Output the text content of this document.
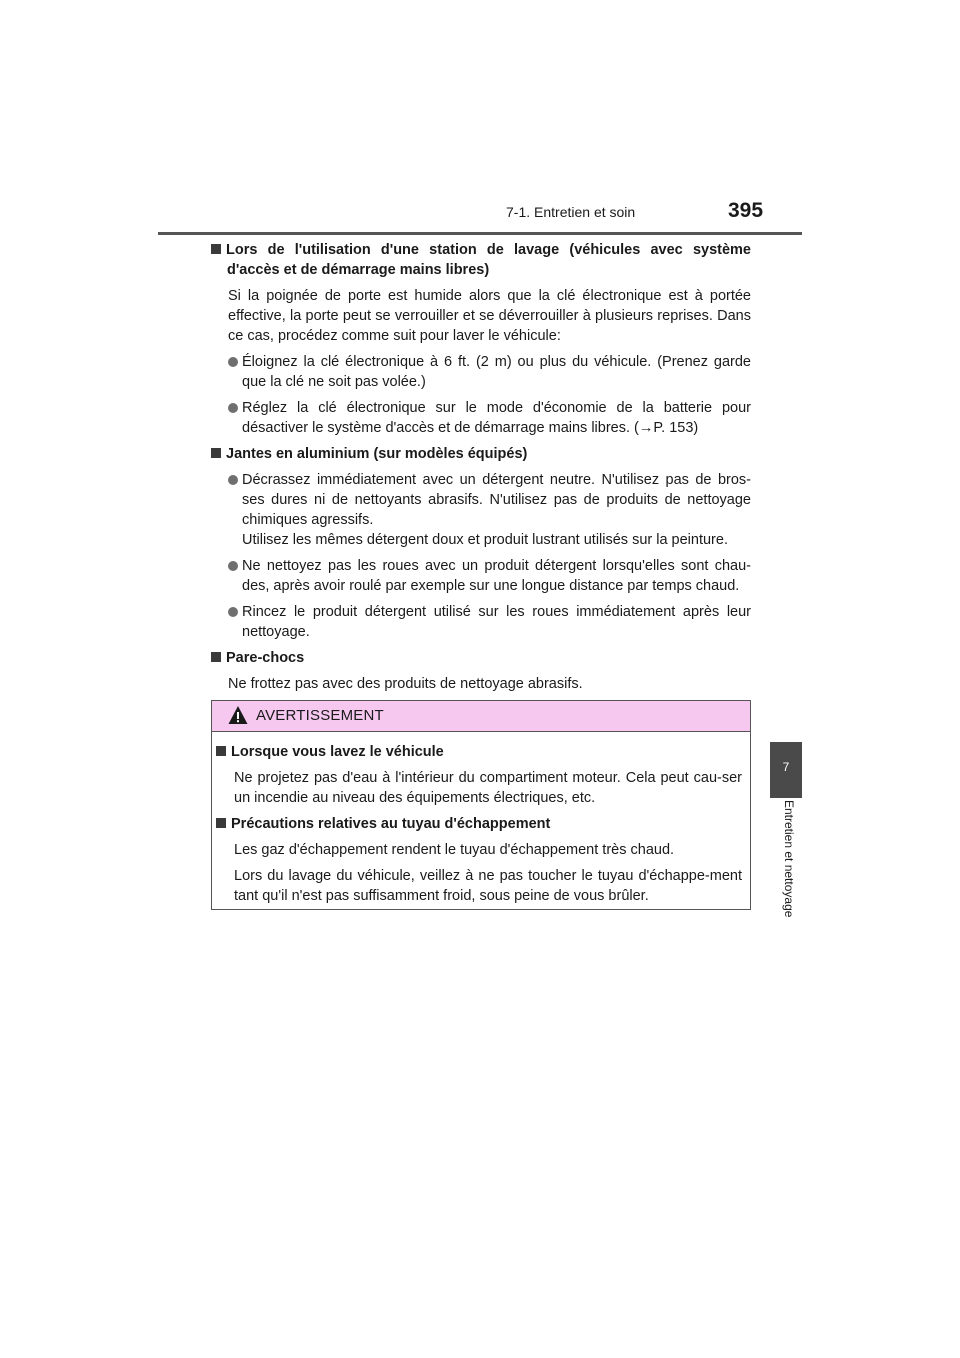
7-1. Entretien et soin	395
7
Entretien et nettoyage
Lors de l'utilisation d'une station de lavage (véhicules avec système d'accès et de démarrage mains libres)
Si la poignée de porte est humide alors que la clé électronique est à portée effective, la porte peut se verrouiller et se déverrouiller à plusieurs reprises. Dans ce cas, procédez comme suit pour laver le véhicule:
Éloignez la clé électronique à 6 ft. (2 m) ou plus du véhicule. (Prenez garde que la clé ne soit pas volée.)
Réglez la clé électronique sur le mode d'économie de la batterie pour désactiver le système d'accès et de démarrage mains libres. (→P. 153)
Jantes en aluminium (sur modèles équipés)
Décrassez immédiatement avec un détergent neutre. N'utilisez pas de bros-ses dures ni de nettoyants abrasifs. N'utilisez pas de produits de nettoyage chimiques agressifs.
Utilisez les mêmes détergent doux et produit lustrant utilisés sur la peinture.
Ne nettoyez pas les roues avec un produit détergent lorsqu'elles sont chau-des, après avoir roulé par exemple sur une longue distance par temps chaud.
Rincez le produit détergent utilisé sur les roues immédiatement après leur nettoyage.
Pare-chocs
Ne frottez pas avec des produits de nettoyage abrasifs.
AVERTISSEMENT
Lorsque vous lavez le véhicule
Ne projetez pas d'eau à l'intérieur du compartiment moteur. Cela peut cau-ser un incendie au niveau des équipements électriques, etc.
Précautions relatives au tuyau d'échappement
Les gaz d'échappement rendent le tuyau d'échappement très chaud.
Lors du lavage du véhicule, veillez à ne pas toucher le tuyau d'échappe-ment tant qu'il n'est pas suffisamment froid, sous peine de vous brûler.
